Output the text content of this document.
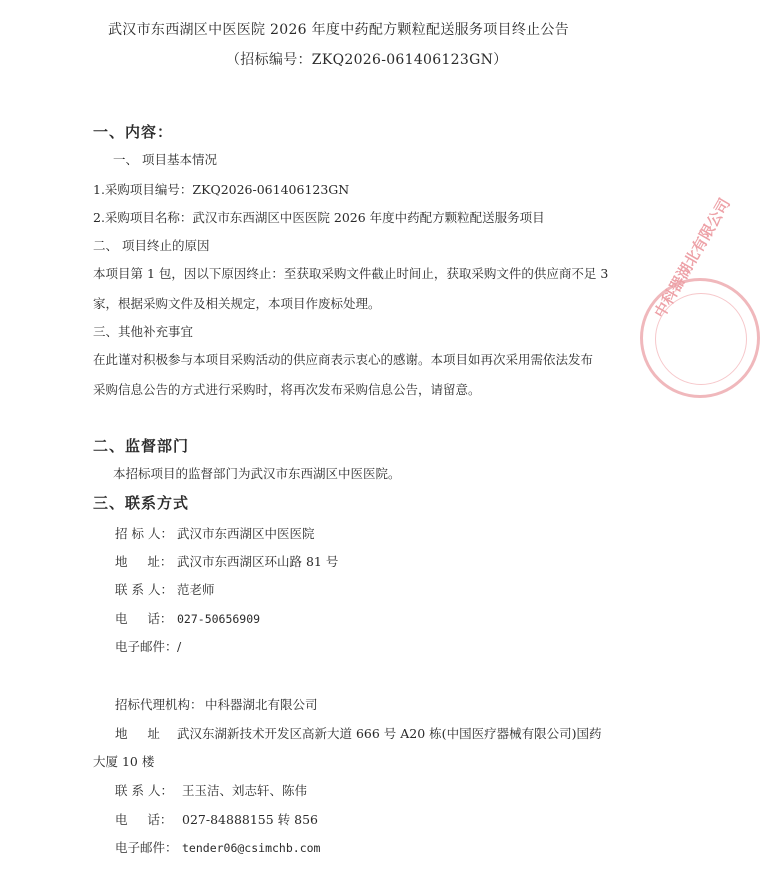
中科器湖北有限公司
武汉市东西湖区中医医院 2026 年度中药配方颗粒配送服务项目终止公告
（招标编号：ZKQ2026-061406123GN）
一、内容：
一、 项目基本情况
1.采购项目编号：ZKQ2026-061406123GN
2.采购项目名称：武汉市东西湖区中医医院 2026 年度中药配方颗粒配送服务项目
二、 项目终止的原因
本项目第 1 包，因以下原因终止：至获取采购文件截止时间止，获取采购文件的供应商不足 3
家，根据采购文件及相关规定，本项目作废标处理。
三、其他补充事宜
在此谨对积极参与本项目采购活动的供应商表示衷心的感谢。本项目如再次采用需依法发布
采购信息公告的方式进行采购时，将再次发布采购信息公告，请留意。
二、监督部门
本招标项目的监督部门为武汉市东西湖区中医医院。
三、联系方式
招 标 人： 武汉市东西湖区中医医院
地     址： 武汉市东西湖区环山路 81 号
联 系 人： 范老师
电     话： 027-50656909
电子邮件： /
招标代理机构： 中科器湖北有限公司
地     址 武汉东湖新技术开发区高新大道 666 号 A20 栋(中国医疗器械有限公司)国药
大厦 10 楼
联 系 人： 王玉洁、刘志轩、陈伟
电     话： 027-84888155 转 856
电子邮件： tender06@csimchb.com
